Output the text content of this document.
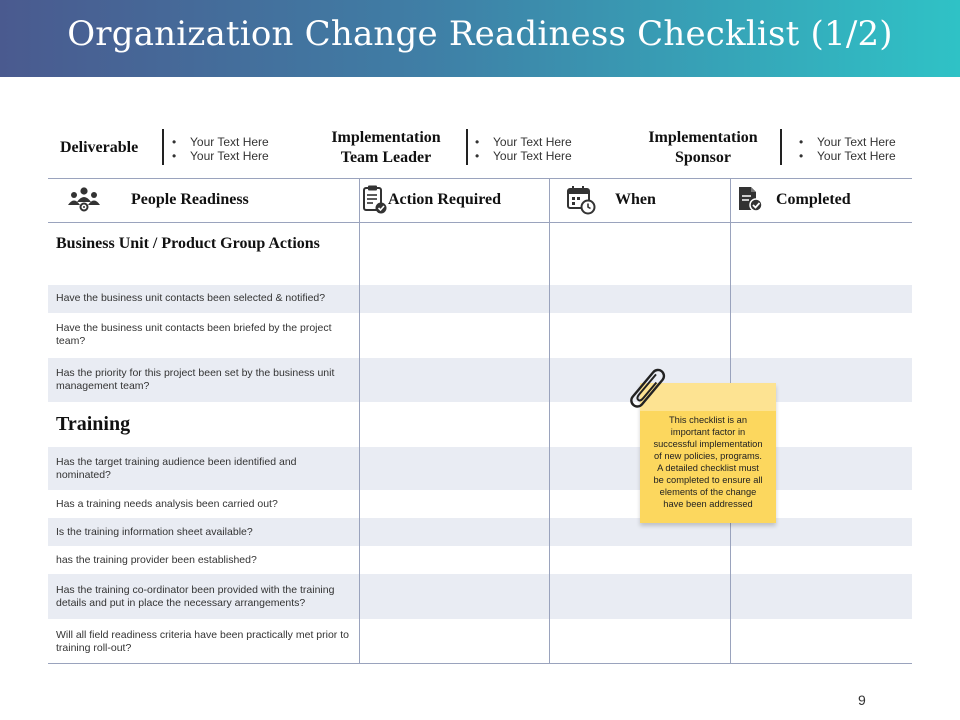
Organization Change Readiness Checklist (1/2)
Deliverable
•	Your Text Here
• Your Text Here
Implementation
Team Leader
• Your Text Here
• Your Text Here
Implementation
Sponsor
• Your Text Here
• Your Text Here
People Readiness	Action Required	When	Completed
Business Unit / Product Group Actions
Have the business unit contacts been selected & notified?
Have the business unit contacts been briefed by the project team?
Has the priority for this project been set by the business unit management team?
Training
Has the target training audience been identified and nominated?
Has a training needs analysis been carried out?
Is the training information sheet available?
has the training provider been established?
Has the training co-ordinator been provided with the training details and put in place the necessary arrangements?
Will all field readiness criteria have been practically met prior to training roll-out?
This checklist is an important factor in successful implementation of new policies, programs. A detailed checklist must be completed to ensure all elements of the change have been addressed
9
